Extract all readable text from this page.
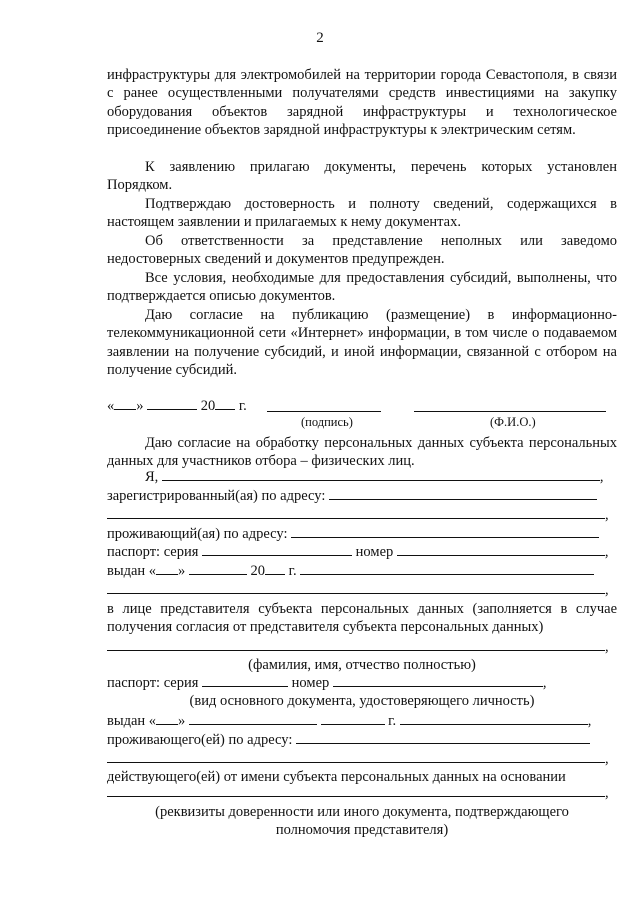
2
инфраструктуры для электромобилей на территории города Севастополя, в связи с ранее осуществленными получателями средств инвестициями на закупку оборудования объектов зарядной инфраструктуры и технологическое присоединение объектов зарядной инфраструктуры к электрическим сетям.
К заявлению прилагаю документы, перечень которых установлен Порядком.
Подтверждаю достоверность и полноту сведений, содержащихся в настоящем заявлении и прилагаемых к нему документах.
Об ответственности за представление неполных или заведомо недостоверных сведений и документов предупрежден.
Все условия, необходимые для предоставления субсидий, выполнены, что подтверждается описью документов.
Даю согласие на публикацию (размещение) в информационно-телекоммуникационной сети «Интернет» информации, в том числе о подаваемом заявлении на получение субсидий, и иной информации, связанной с отбором на получение субсидий.
« »	20 г.
(подпись)	(Ф.И.О.)
Даю согласие на обработку персональных данных субъекта персональных данных для участников отбора – физических лиц.
Я,	,
зарегистрированный(ая) по адресу:
,
проживающий(ая) по адресу:
паспорт: серия	номер	,
выдан « »	20 г.
,
в лице представителя субъекта персональных данных (заполняется в случае получения согласия от представителя субъекта персональных данных)
,
(фамилия, имя, отчество полностью)
паспорт: серия	номер	,
(вид основного документа, удостоверяющего личность)
выдан « »	г.	,
проживающего(ей) по адресу:
,
действующего(ей) от имени субъекта персональных данных на основании
,
(реквизиты доверенности или иного документа, подтверждающего полномочия представителя)
